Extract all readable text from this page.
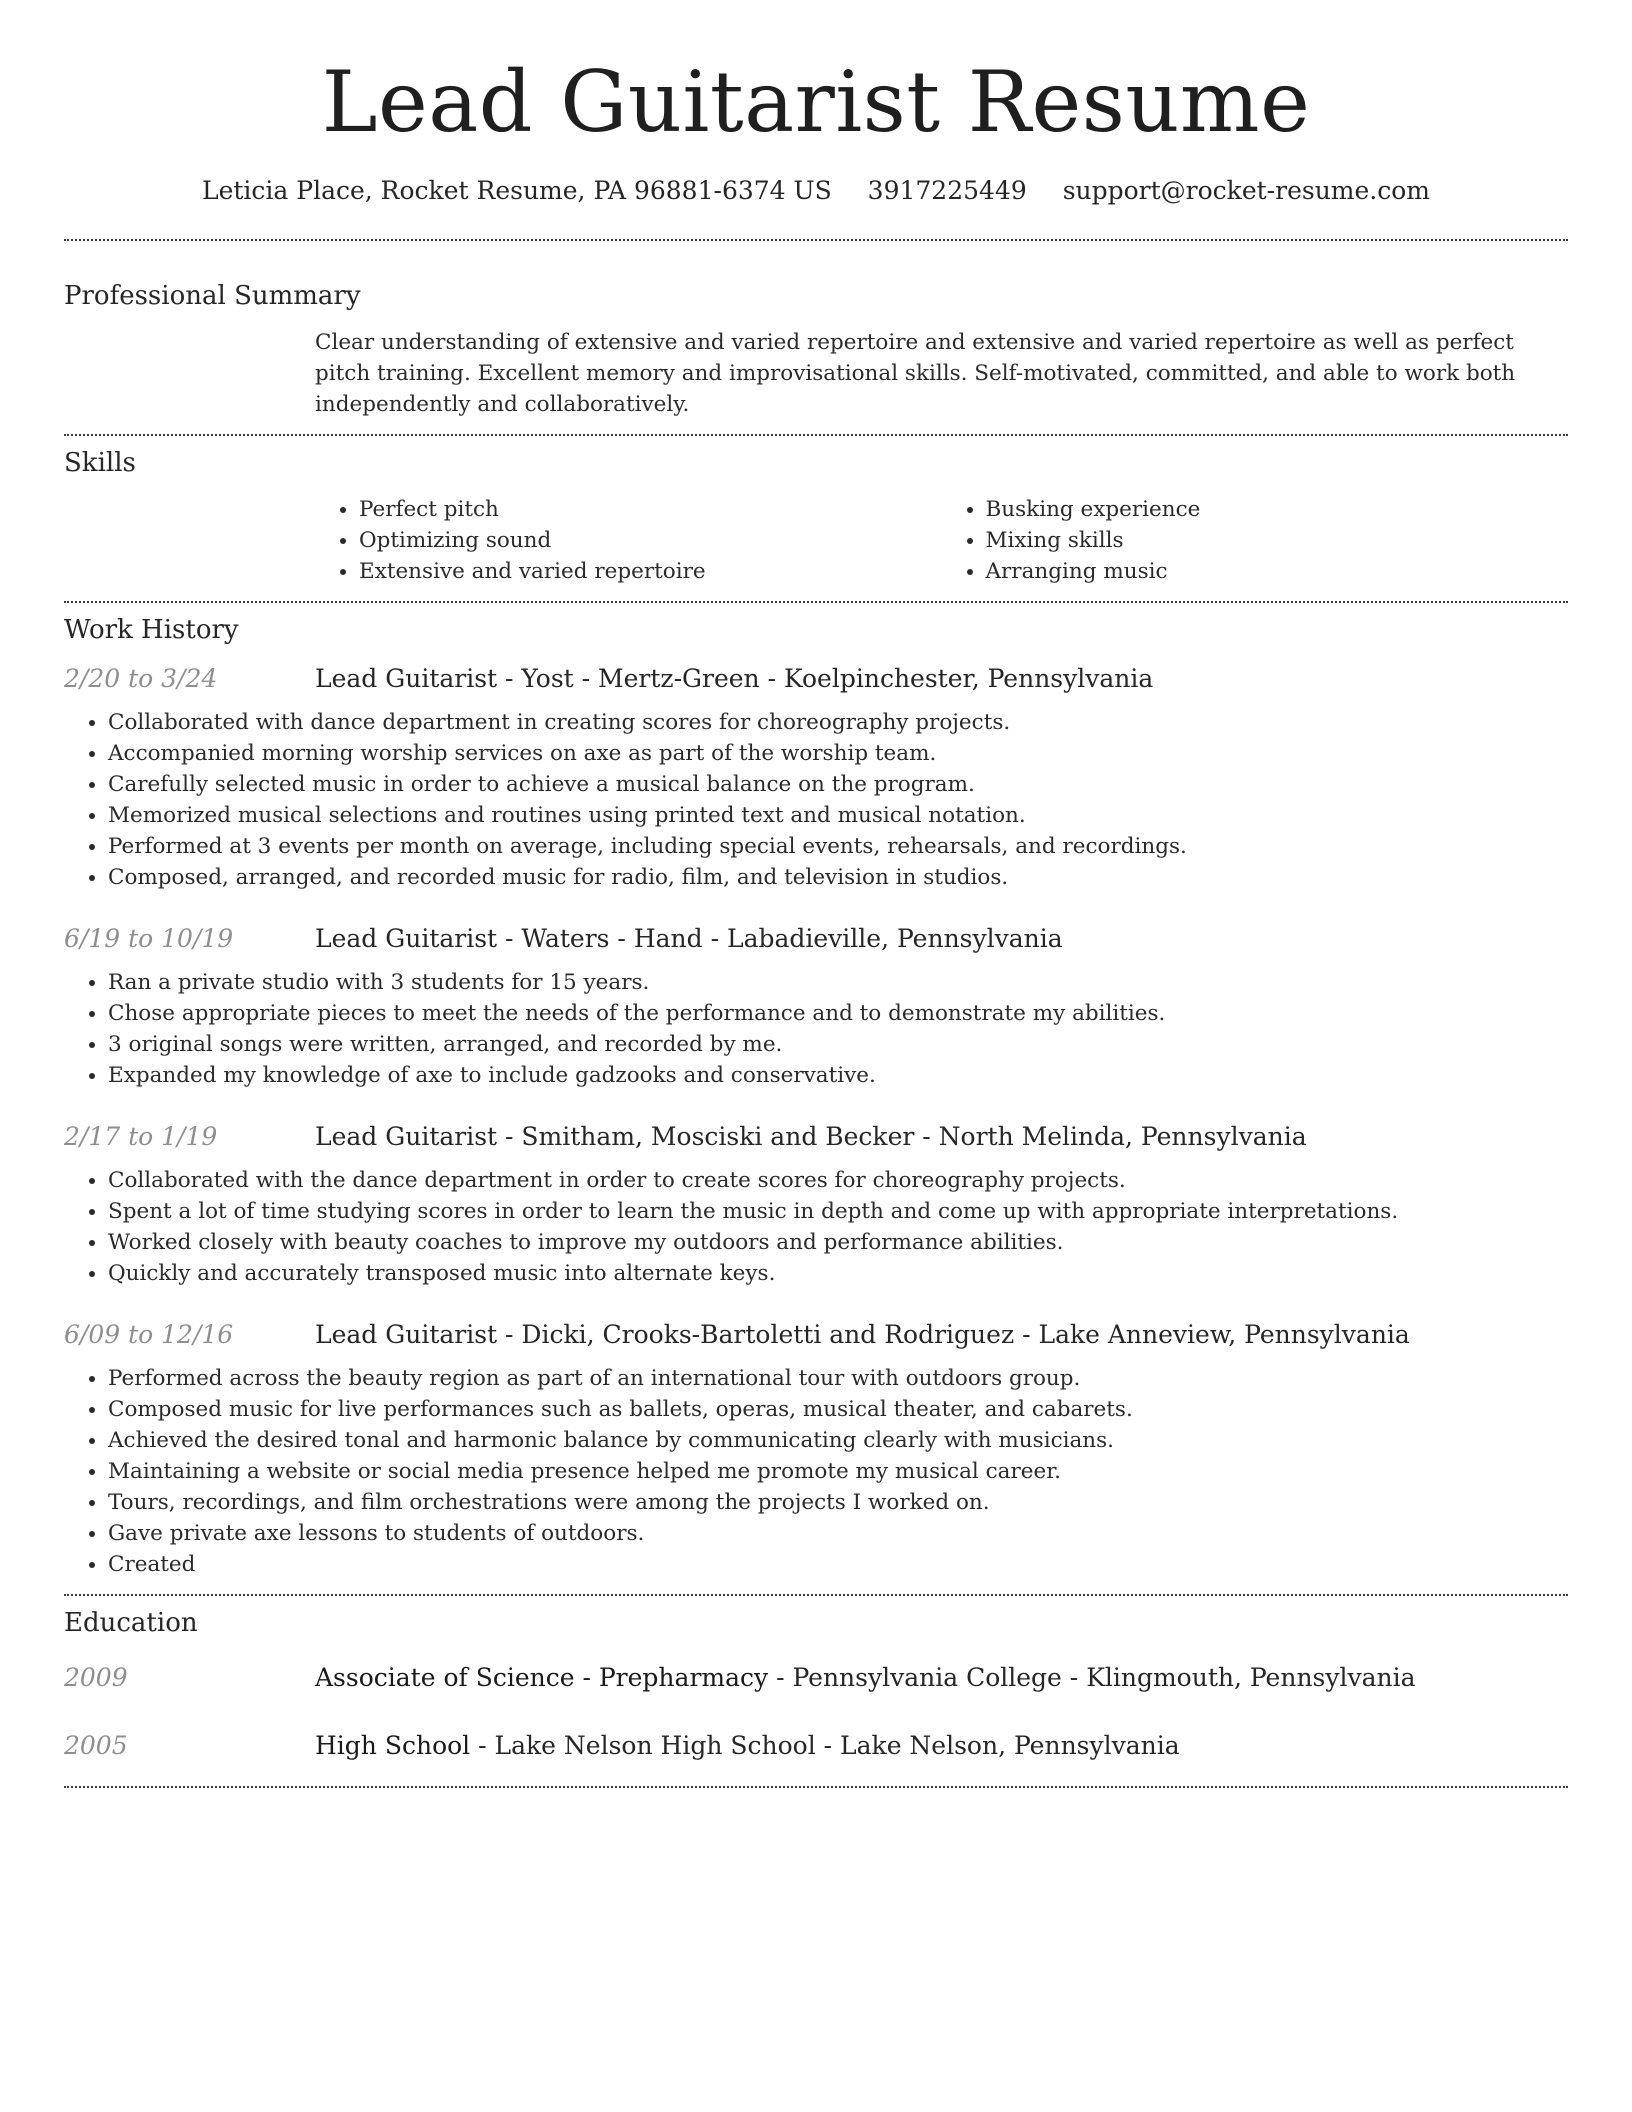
Lead Guitarist Resume
Leticia Place, Rocket Resume, PA 96881-6374 US 3917225449 support@rocket-resume.com
Professional Summary
Clear understanding of extensive and varied repertoire and extensive and varied repertoire as well as perfect pitch training. Excellent memory and improvisational skills. Self-motivated, committed, and able to work both independently and collaboratively.
Skills
• Perfect pitch
• Optimizing sound
• Extensive and varied repertoire
• Busking experience
• Mixing skills
• Arranging music
Work History
2/20 to 3/24	Lead Guitarist - Yost - Mertz-Green - Koelpinchester, Pennsylvania
• Collaborated with dance department in creating scores for choreography projects.
• Accompanied morning worship services on axe as part of the worship team.
• Carefully selected music in order to achieve a musical balance on the program.
• Memorized musical selections and routines using printed text and musical notation.
• Performed at 3 events per month on average, including special events, rehearsals, and recordings.
• Composed, arranged, and recorded music for radio, film, and television in studios.
6/19 to 10/19	Lead Guitarist - Waters - Hand - Labadieville, Pennsylvania
• Ran a private studio with 3 students for 15 years.
• Chose appropriate pieces to meet the needs of the performance and to demonstrate my abilities.
• 3 original songs were written, arranged, and recorded by me.
• Expanded my knowledge of axe to include gadzooks and conservative.
2/17 to 1/19	Lead Guitarist - Smitham, Mosciski and Becker - North Melinda, Pennsylvania
• Collaborated with the dance department in order to create scores for choreography projects.
• Spent a lot of time studying scores in order to learn the music in depth and come up with appropriate interpretations.
• Worked closely with beauty coaches to improve my outdoors and performance abilities.
• Quickly and accurately transposed music into alternate keys.
6/09 to 12/16	Lead Guitarist - Dicki, Crooks-Bartoletti and Rodriguez - Lake Anneview, Pennsylvania
• Performed across the beauty region as part of an international tour with outdoors group.
• Composed music for live performances such as ballets, operas, musical theater, and cabarets.
• Achieved the desired tonal and harmonic balance by communicating clearly with musicians.
• Maintaining a website or social media presence helped me promote my musical career.
• Tours, recordings, and film orchestrations were among the projects I worked on.
• Gave private axe lessons to students of outdoors.
• Created
Education
2009	Associate of Science - Prepharmacy - Pennsylvania College - Klingmouth, Pennsylvania
2005	High School - Lake Nelson High School - Lake Nelson, Pennsylvania
